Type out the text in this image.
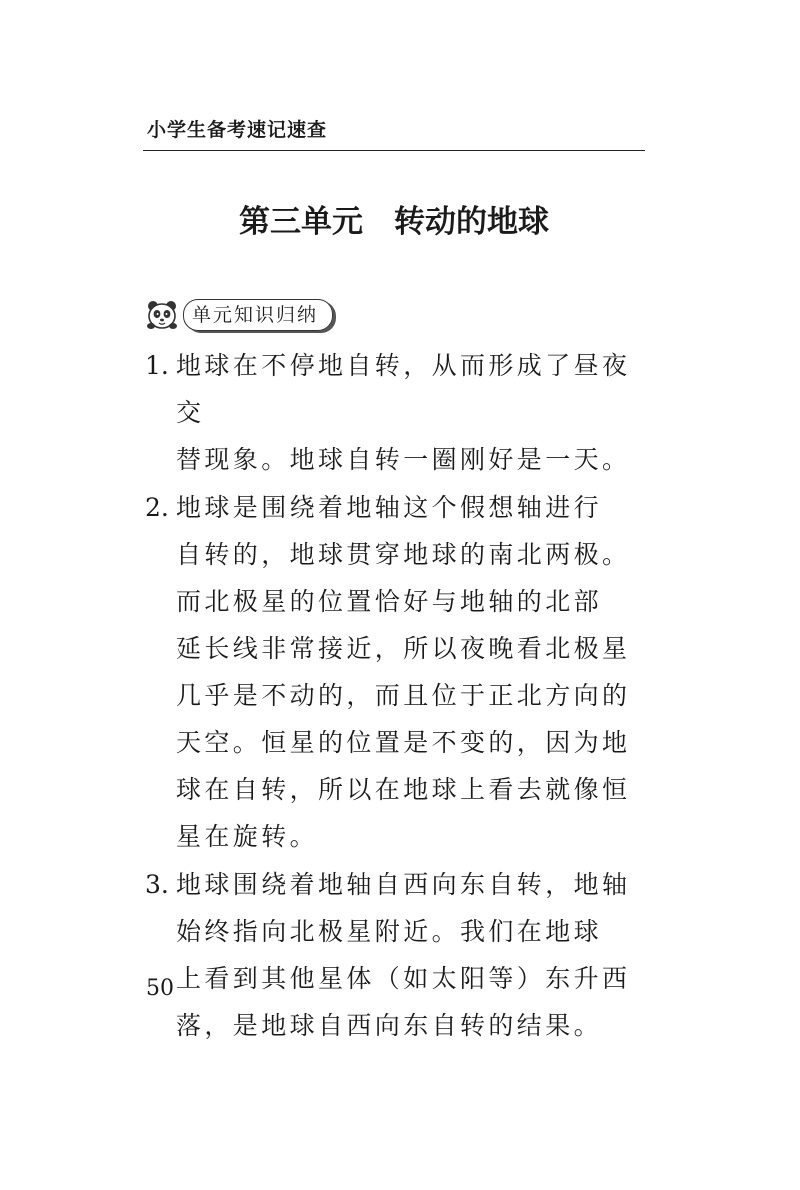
小学生备考速记速查
第三单元　转动的地球
单元知识归纳
1. 地球在不停地自转，从而形成了昼夜交
替现象。地球自转一圈刚好是一天。
2. 地球是围绕着地轴这个假想轴进行
自转的，地球贯穿地球的南北两极。
而北极星的位置恰好与地轴的北部
延长线非常接近，所以夜晚看北极星
几乎是不动的，而且位于正北方向的
天空。恒星的位置是不变的，因为地
球在自转，所以在地球上看去就像恒
星在旋转。
3. 地球围绕着地轴自西向东自转，地轴
始终指向北极星附近。我们在地球
上看到其他星体（如太阳等）东升西
落，是地球自西向东自转的结果。
50
